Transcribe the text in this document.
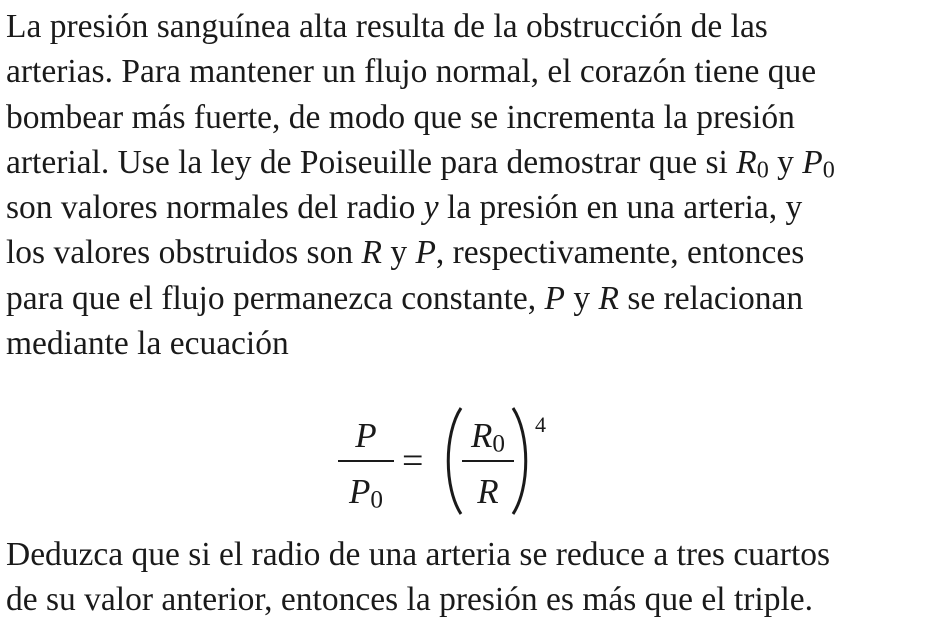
La presión sanguínea alta resulta de la obstrucción de las
arterias. Para mantener un flujo normal, el corazón tiene que
bombear más fuerte, de modo que se incrementa la presión
arterial. Use la ley de Poiseuille para demostrar que si $R_0$ y $P_0$
son valores normales del radio y la presión en una arteria, y
los valores obstruidos son R y P, respectivamente, entonces
para que el flujo permanezca constante, P y R se relacionan
mediante la ecuación
P
$P_0$
=
$R_0$
R
4
Deduzca que si el radio de una arteria se reduce a tres cuartos
de su valor anterior, entonces la presión es más que el triple.
